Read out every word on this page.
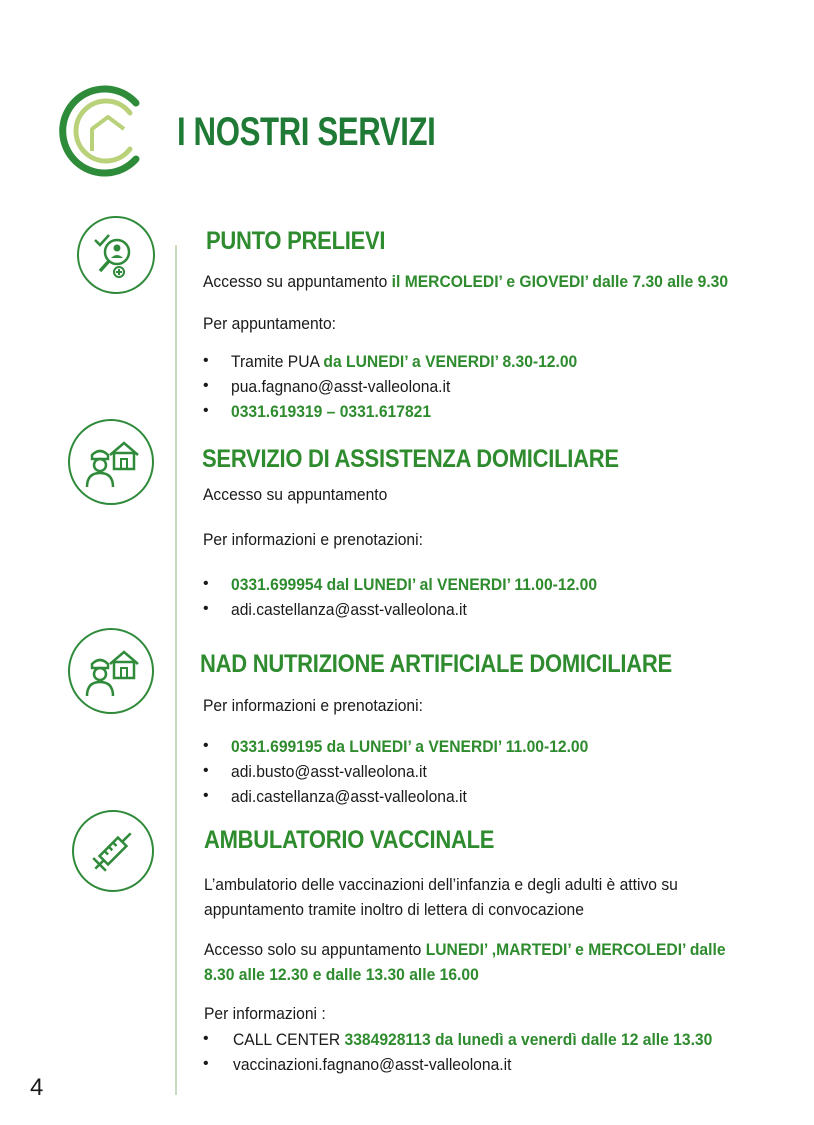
I NOSTRI SERVIZI
PUNTO PRELIEVI
Accesso su appuntamento il MERCOLEDI’ e GIOVEDI’ dalle 7.30 alle 9.30
Per appuntamento:
• Tramite PUA da LUNEDI’ a VENERDI’ 8.30-12.00
• pua.fagnano@asst-valleolona.it
• 0331.619319 – 0331.617821
SERVIZIO DI ASSISTENZA DOMICILIARE
Accesso su appuntamento
Per informazioni e prenotazioni:
• 0331.699954 dal LUNEDI’ al VENERDI’ 11.00-12.00
• adi.castellanza@asst-valleolona.it
NAD NUTRIZIONE ARTIFICIALE DOMICILIARE
Per informazioni e prenotazioni:
• 0331.699195 da LUNEDI’ a VENERDI’ 11.00-12.00
• adi.busto@asst-valleolona.it
• adi.castellanza@asst-valleolona.it
AMBULATORIO VACCINALE
L’ambulatorio delle vaccinazioni dell’infanzia e degli adulti è attivo su
appuntamento tramite inoltro di lettera di convocazione
Accesso solo su appuntamento LUNEDI’ ,MARTEDI’ e MERCOLEDI’ dalle
8.30 alle 12.30 e dalle 13.30 alle 16.00
Per informazioni :
• CALL CENTER 3384928113 da lunedì a venerdì dalle 12 alle 13.30
• vaccinazioni.fagnano@asst-valleolona.it
4
